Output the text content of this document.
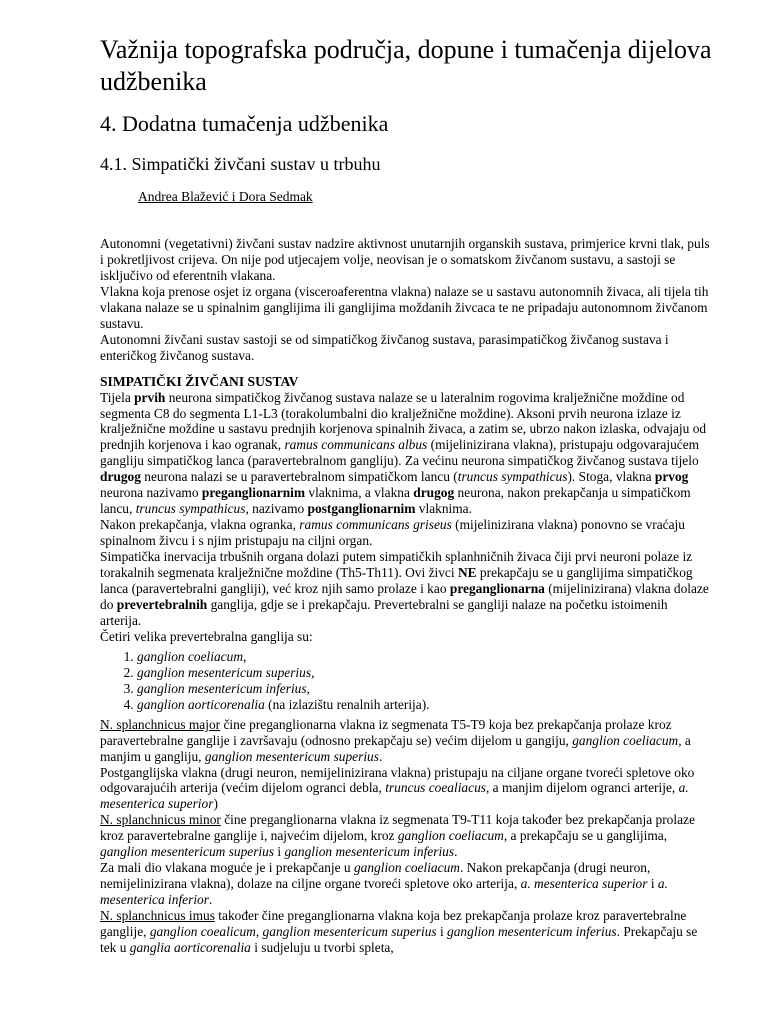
Važnija topografska područja, dopune i tumačenja dijelova udžbenika
4. Dodatna tumačenja udžbenika
4.1. Simpatički živčani sustav u trbuhu
Andrea Blažević i Dora Sedmak

Autonomni (vegetativni) živčani sustav nadzire aktivnost unutarnjih organskih sustava, primjerice krvni tlak, puls i pokretljivost crijeva. On nije pod utjecajem volje, neovisan je o somatskom živčanom sustavu, a sastoji se isključivo od eferentnih vlakana.

Vlakna koja prenose osjet iz organa (visceroaferentna vlakna) nalaze se u sastavu autonomnih živaca, ali tijela tih vlakana nalaze se u spinalnim ganglijima ili ganglijima moždanih živcaca te ne pripadaju autonomnom živčanom sustavu.

Autonomni živčani sustav sastoji se od simpatičkog živčanog sustava, parasimpatičkog živčanog sustava i enteričkog živčanog sustava.

SIMPATIČKI ŽIVČANI SUSTAV

Tijela prvih neurona simpatičkog živčanog sustava nalaze se u lateralnim rogovima kralježnične moždine od segmenta C8 do segmenta L1-L3 (torakolumbalni dio kralježnične moždine). Aksoni prvih neurona izlaze iz kralježnične moždine u sastavu prednjih korjenova spinalnih živaca, a zatim se, ubrzo nakon izlaska, odvajaju od prednjih korjenova i kao ogranak, ramus communicans albus (mijelinizirana vlakna), pristupaju odgovarajućem gangliju simpatičkog lanca (paravertebralnom gangliju). Za većinu neurona simpatičkog živčanog sustava tijelo drugog neurona nalazi se u paravertebralnom simpatičkom lancu (truncus sympathicus). Stoga, vlakna prvog neurona nazivamo preganglionarnim vlaknima, a vlakna drugog neurona, nakon prekapčanja u simpatičkom lancu, truncus sympathicus, nazivamo postganglionarnim vlaknima.

Nakon prekapčanja, vlakna ogranka, ramus communicans griseus (mijelinizirana vlakna) ponovno se vraćaju spinalnom živcu i s njim pristupaju na ciljni organ.

Simpatička inervacija trbušnih organa dolazi putem simpatičkih splanhničnih živaca čiji prvi neuroni polaze iz torakalnih segmenata kralježnične moždine (Th5-Th11). Ovi živci NE prekapčaju se u ganglijima simpatičkog lanca (paravertebralni gangliji), već kroz njih samo prolaze i kao preganglionarna (mijelinizirana) vlakna dolaze do prevertebralnih ganglija, gdje se i prekapčaju. Prevertebralni se gangliji nalaze na početku istoimenih arterija.

Četiri velika prevertebralna ganglija su:

1. ganglion coeliacum,
2. ganglion mesentericum superius,
3. ganglion mesentericum inferius,
4. ganglion aorticorenalia (na izlazištu renalnih arterija).

N. splanchnicus major čine preganglionarna vlakna iz segmenata T5-T9 koja bez prekapčanja prolaze kroz paravertebralne ganglije i završavaju (odnosno prekapčaju se) većim dijelom u gangiju, ganglion coeliacum, a manjim u gangliju, ganglion mesentericum superius.

Postganglijska vlakna (drugi neuron, nemijelinizirana vlakna) pristupaju na ciljane organe tvoreći spletove oko odgovarajućih arterija (većim dijelom ogranci debla, truncus coealiacus, a manjim dijelom ogranci arterije, a. mesenterica superior)

N. splanchnicus minor čine preganglionarna vlakna iz segmenata T9-T11 koja također bez prekapčanja prolaze kroz paravertebralne ganglije i, najvećim dijelom, kroz ganglion coeliacum, a prekapčaju se u ganglijima, ganglion mesentericum superius i ganglion mesentericum inferius.

Za mali dio vlakana moguće je i prekapčanje u ganglion coeliacum. Nakon prekapčanja (drugi neuron, nemijelinizirana vlakna), dolaze na ciljne organe tvoreći spletove oko arterija, a. mesenterica superior i a. mesenterica inferior.

N. splanchnicus imus također čine preganglionarna vlakna koja bez prekapčanja prolaze kroz paravertebralne ganglije, ganglion coealicum, ganglion mesentericum superius i ganglion mesentericum inferius. Prekapčaju se tek u ganglia aorticorenalia i sudjeluju u tvorbi spleta,
